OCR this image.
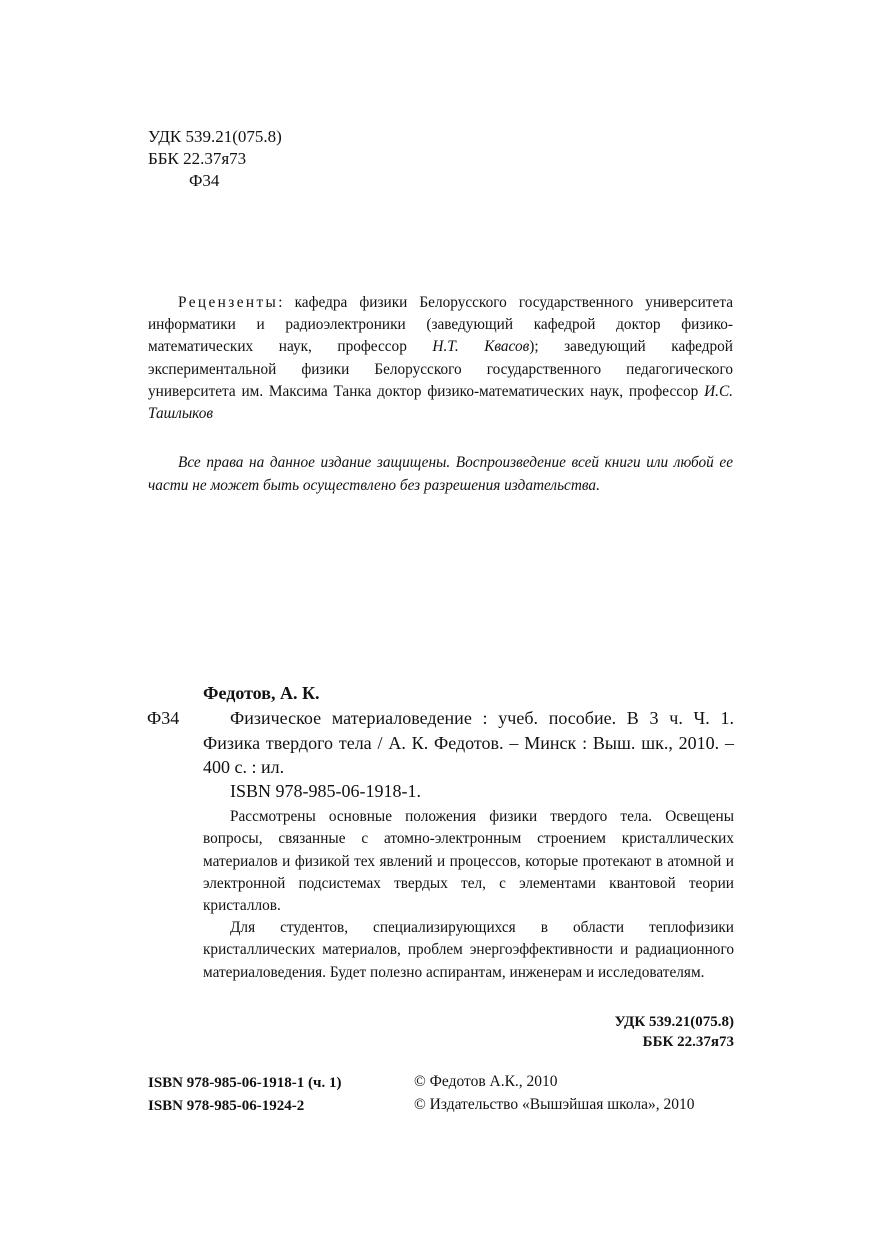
УДК 539.21(075.8)
ББК 22.37я73
Ф34
Рецензенты: кафедра физики Белорусского государственного университета информатики и радиоэлектроники (заведующий кафедрой доктор физико-математических наук, профессор Н.Т. Квасов); заведующий кафедрой экспериментальной физики Белорусского государственного педагогического университета им. Максима Танка доктор физико-математических наук, профессор И.С. Ташлыков
Все права на данное издание защищены. Воспроизведение всей книги или любой ее части не может быть осуществлено без разрешения издательства.
Федотов, А. К.
Ф34	Физическое материаловедение : учеб. пособие. В 3 ч. Ч. 1. Физика твердого тела / А. К. Федотов. – Минск : Выш. шк., 2010. – 400 с. : ил.
ISBN 978-985-06-1918-1.
Рассмотрены основные положения физики твердого тела. Освещены вопросы, связанные с атомно-электронным строением кристаллических материалов и физикой тех явлений и процессов, которые протекают в атомной и электронной подсистемах твердых тел, с элементами квантовой теории кристаллов.
Для студентов, специализирующихся в области теплофизики кристаллических материалов, проблем энергоэффективности и радиационного материаловедения. Будет полезно аспирантам, инженерам и исследователям.
УДК 539.21(075.8)
ББК 22.37я73
ISBN 978-985-06-1918-1 (ч. 1)
ISBN 978-985-06-1924-2
© Федотов А.К., 2010
© Издательство «Вышэйшая школа», 2010
